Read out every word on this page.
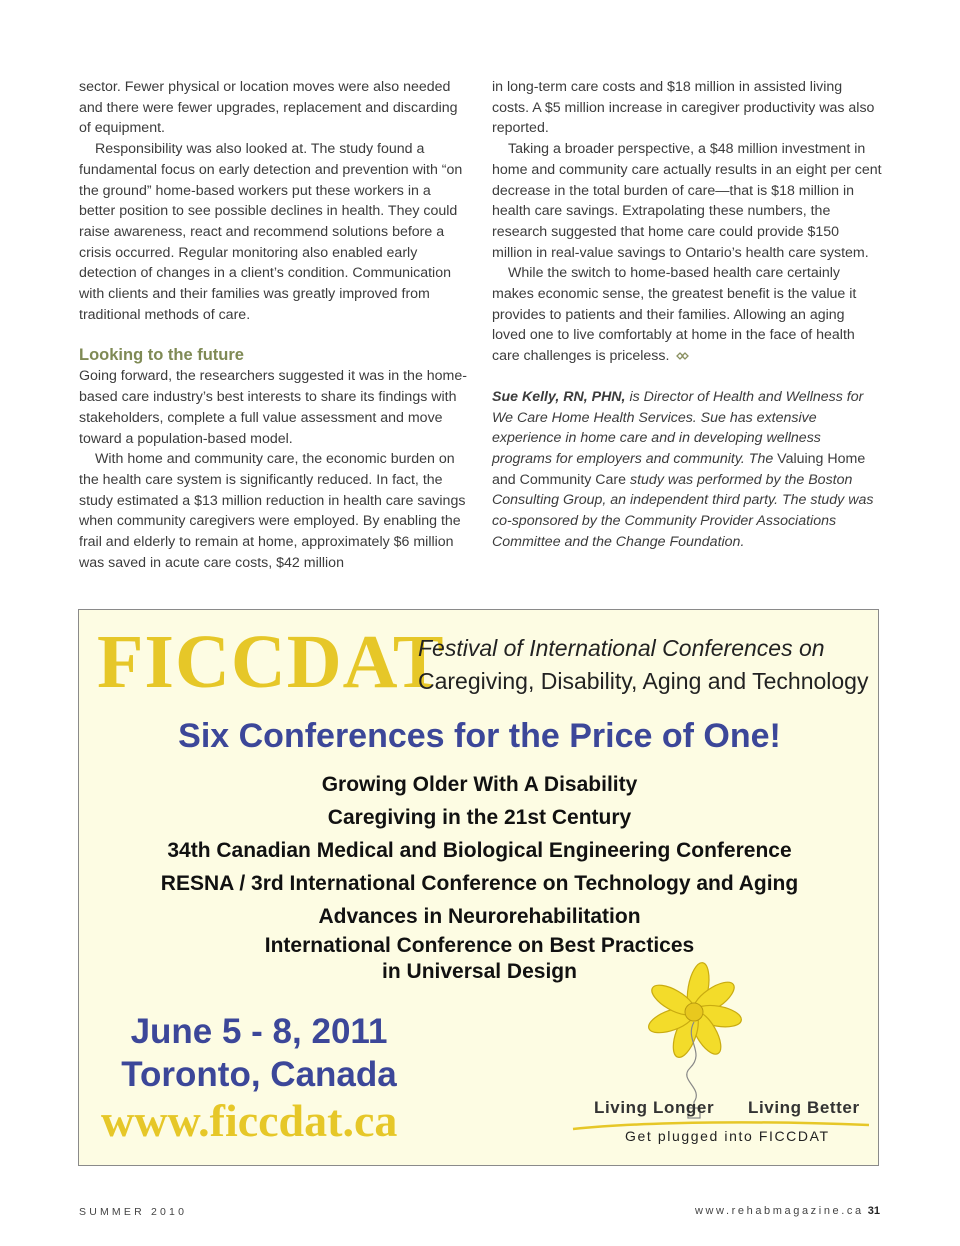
sector. Fewer physical or location moves were also needed and there were fewer upgrades, replacement and discarding of equipment.

Responsibility was also looked at. The study found a fundamental focus on early detection and prevention with “on the ground” home-based workers put these workers in a better position to see possible declines in health. They could raise awareness, react and recommend solutions before a crisis occurred. Regular monitoring also enabled early detection of changes in a client’s condition. Communication with clients and their families was greatly improved from traditional methods of care.

Looking to the future

Going forward, the researchers suggested it was in the home-based care industry’s best interests to share its findings with stakeholders, complete a full value assessment and move toward a population-based model.

With home and community care, the economic burden on the health care system is significantly reduced. In fact, the study estimated a $13 million reduction in health care savings when community caregivers were employed. By enabling the frail and elderly to remain at home, approximately $6 million was saved in acute care costs, $42 million

in long-term care costs and $18 million in assisted living costs. A $5 million increase in caregiver productivity was also reported.

Taking a broader perspective, a $48 million investment in home and community care actually results in an eight per cent decrease in the total burden of care—that is $18 million in health care savings. Extrapolating these numbers, the research suggested that home care could provide $150 million in real-value savings to Ontario’s health care system.

While the switch to home-based health care certainly makes economic sense, the greatest benefit is the value it provides to patients and their families. Allowing an aging loved one to live comfortably at home in the face of health care challenges is priceless.

Sue Kelly, RN, PHN, is Director of Health and Wellness for We Care Home Health Services. Sue has extensive experience in home care and in developing wellness programs for employers and community. The Valuing Home and Community Care study was performed by the Boston Consulting Group, an independent third party. The study was co-sponsored by the Community Provider Associations Committee and the Change Foundation.

FICCDAT
Festival of International Conferences on
Caregiving, Disability, Aging and Technology
Six Conferences for the Price of One!
Growing Older With A Disability
Caregiving in the 21st Century
34th Canadian Medical and Biological Engineering Conference
RESNA / 3rd International Conference on Technology and Aging
Advances in Neurorehabilitation
International Conference on Best Practices
in Universal Design
June 5 - 8, 2011
Toronto, Canada
www.ficcdat.ca	Living Longer Living Better
Get plugged into FICCDAT
SUMMER 2010	www.rehabmagazine.ca 31
